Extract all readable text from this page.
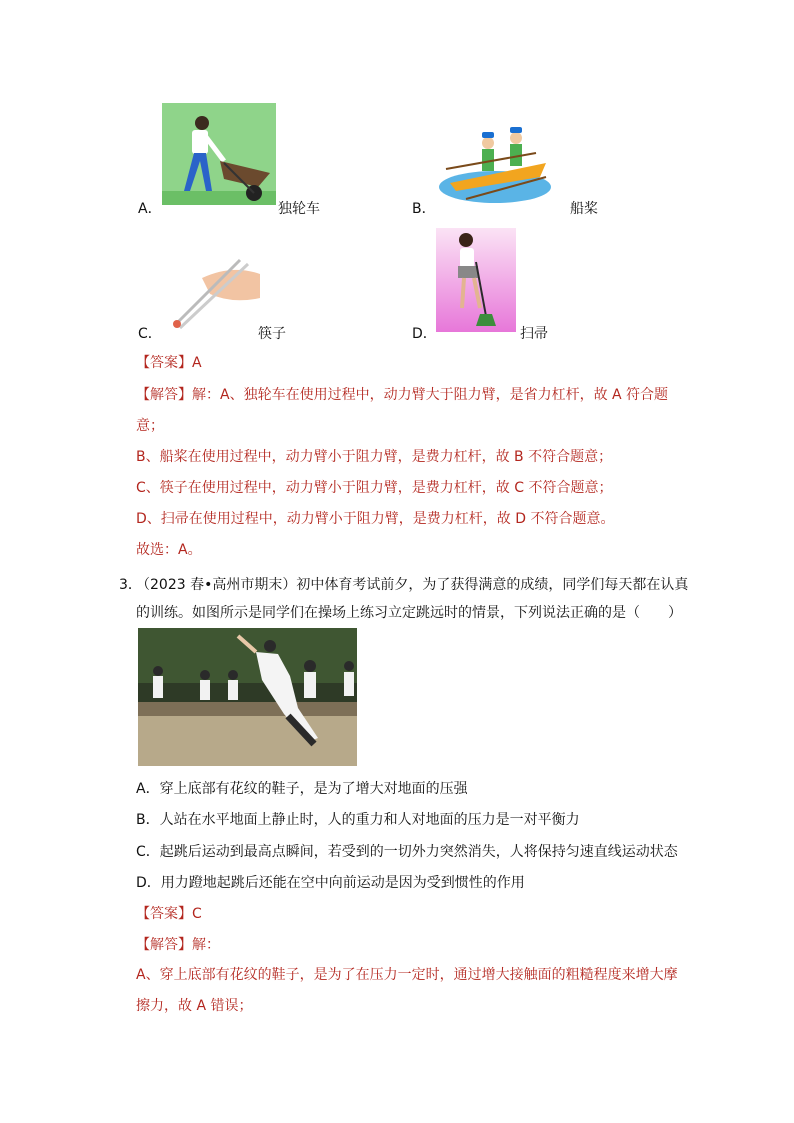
A．	独轮车	B．	船桨
C．	筷子	D．	扫帚
【答案】A
【解答】解：A、独轮车在使用过程中，动力臂大于阻力臂，是省力杠杆，故 A 符合题
意；
B、船桨在使用过程中，动力臂小于阻力臂，是费力杠杆，故 B 不符合题意；
C、筷子在使用过程中，动力臂小于阻力臂，是费力杠杆，故 C 不符合题意；
D、扫帚在使用过程中，动力臂小于阻力臂，是费力杠杆，故 D 不符合题意。
故选：A。
3．
（2023 春•高州市期末）初中体育考试前夕，为了获得满意的成绩，同学们每天都在认真
的训练。如图所示是同学们在操场上练习立定跳远时的情景，下列说法正确的是（　　）
A．穿上底部有花纹的鞋子，是为了增大对地面的压强
B．人站在水平地面上静止时，人的重力和人对地面的压力是一对平衡力
C．起跳后运动到最高点瞬间，若受到的一切外力突然消失，人将保持匀速直线运动状态
D．用力蹬地起跳后还能在空中向前运动是因为受到惯性的作用
【答案】C
【解答】解：
A、穿上底部有花纹的鞋子，是为了在压力一定时，通过增大接触面的粗糙程度来增大摩
擦力，故 A 错误；
